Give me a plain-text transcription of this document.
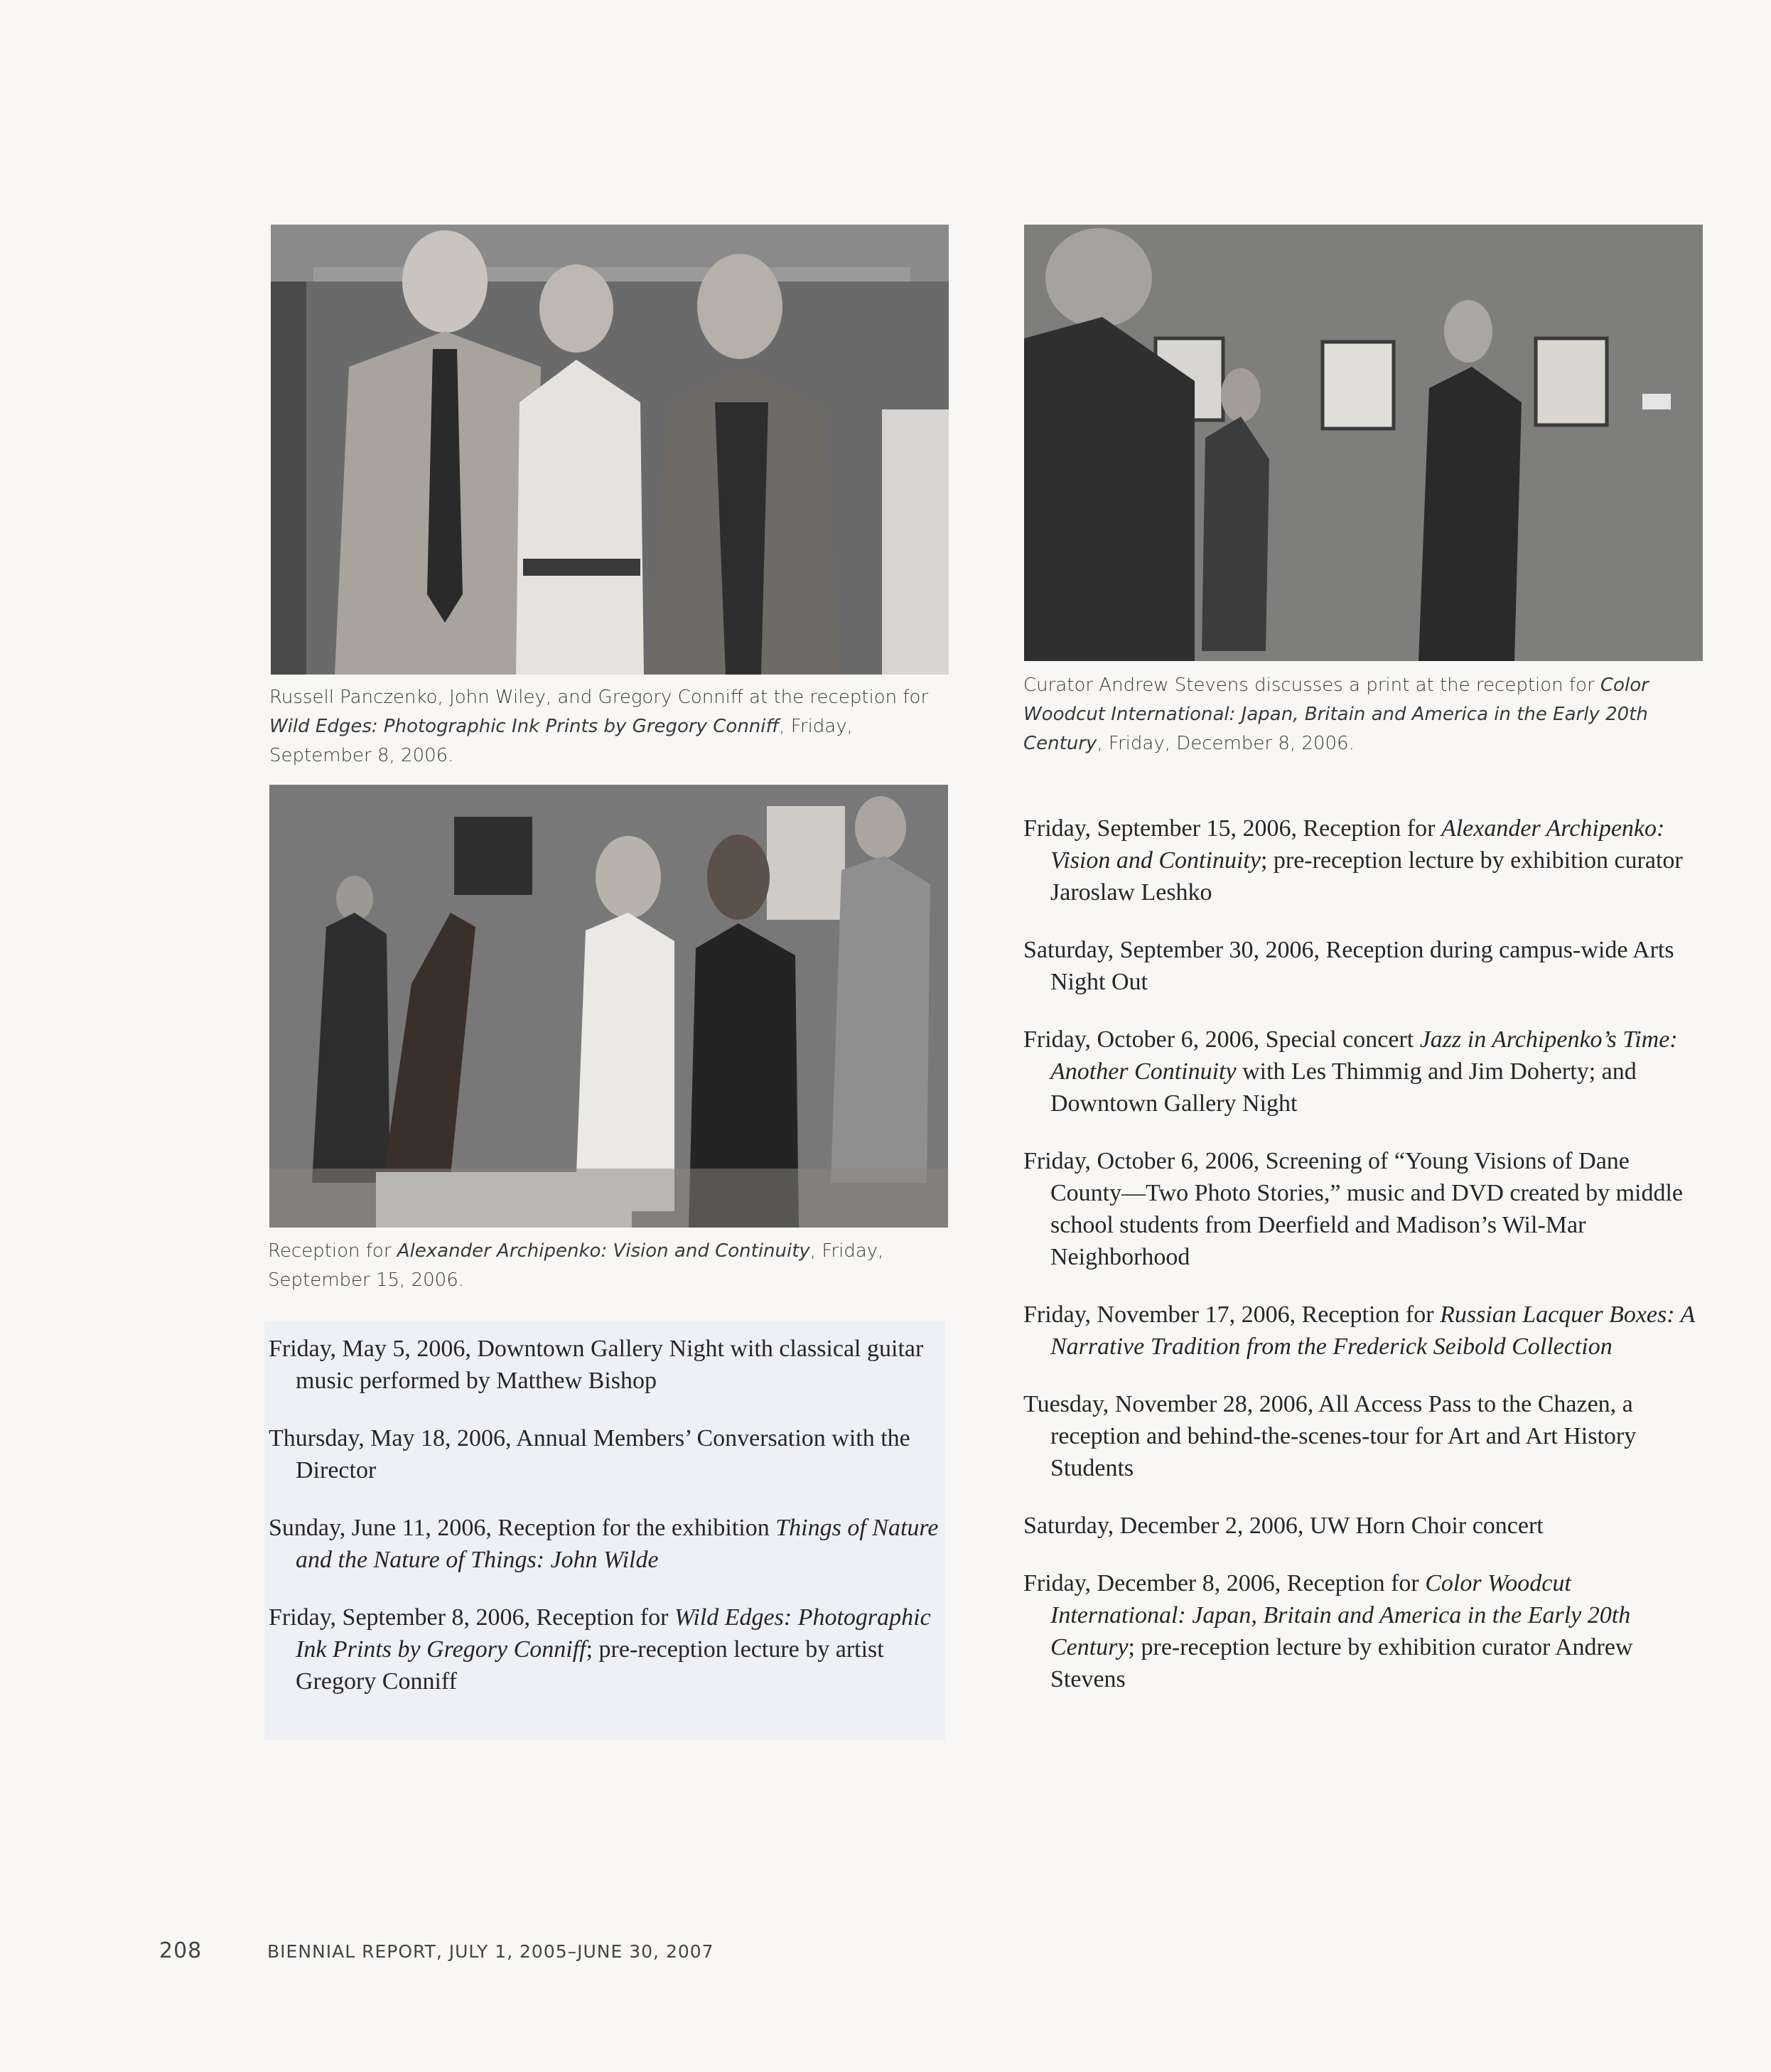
Russell Panczenko, John Wiley, and Gregory Conniff at the reception for Wild Edges: Photographic Ink Prints by Gregory Conniff, Friday, September 8, 2006.
Curator Andrew Stevens discusses a print at the reception for Color Woodcut International: Japan, Britain and America in the Early 20th Century, Friday, December 8, 2006.
Reception for Alexander Archipenko: Vision and Continuity, Friday, September 15, 2006.

Friday, May 5, 2006, Downtown Gallery Night with classical guitar music performed by Matthew Bishop

Thursday, May 18, 2006, Annual Members’ Conversation with the Director

Sunday, June 11, 2006, Reception for the exhibition Things of Nature and the Nature of Things: John Wilde

Friday, September 8, 2006, Reception for Wild Edges: Photographic Ink Prints by Gregory Conniff; pre-reception lecture by artist Gregory Conniff

Friday, September 15, 2006, Reception for Alexander Archipenko: Vision and Continuity; pre-reception lecture by exhibition curator Jaroslaw Leshko

Saturday, September 30, 2006, Reception during campus-wide Arts Night Out

Friday, October 6, 2006, Special concert Jazz in Archipenko’s Time: Another Continuity with Les Thimmig and Jim Doherty; and Downtown Gallery Night

Friday, October 6, 2006, Screening of “Young Visions of Dane County—Two Photo Stories,” music and DVD created by middle school students from Deerfield and Madison’s Wil-Mar Neighborhood

Friday, November 17, 2006, Reception for Russian Lacquer Boxes: A Narrative Tradition from the Frederick Seibold Collection

Tuesday, November 28, 2006, All Access Pass to the Chazen, a reception and behind-the-scenes-tour for Art and Art History Students

Saturday, December 2, 2006, UW Horn Choir concert

Friday, December 8, 2006, Reception for Color Woodcut International: Japan, Britain and America in the Early 20th Century; pre-reception lecture by exhibition curator Andrew Stevens

208	BIENNIAL REPORT, JULY 1, 2005–JUNE 30, 2007
